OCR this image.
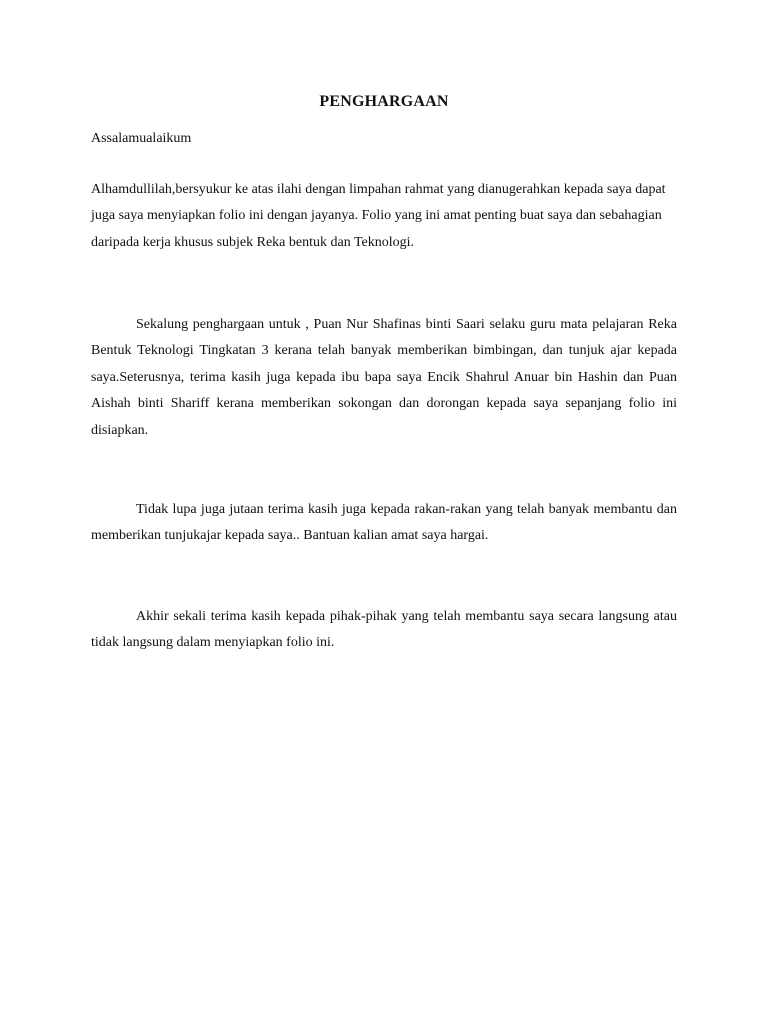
PENGHARGAAN
Assalamualaikum

Alhamdullilah,bersyukur ke atas ilahi dengan limpahan rahmat yang dianugerahkan kepada saya dapat juga saya menyiapkan folio ini dengan jayanya. Folio yang ini amat penting buat saya dan sebahagian daripada kerja khusus subjek Reka bentuk dan Teknologi.

Sekalung penghargaan untuk , Puan Nur Shafinas binti Saari selaku guru mata pelajaran Reka Bentuk Teknologi Tingkatan 3 kerana telah banyak memberikan bimbingan, dan tunjuk ajar kepada saya.Seterusnya, terima kasih juga kepada ibu bapa saya Encik Shahrul Anuar bin Hashin dan Puan Aishah binti Shariff kerana memberikan sokongan dan dorongan kepada saya sepanjang folio ini disiapkan.

Tidak lupa juga jutaan terima kasih juga kepada rakan-rakan yang telah banyak membantu dan memberikan tunjukajar kepada saya.. Bantuan kalian amat saya hargai.

Akhir sekali terima kasih kepada pihak-pihak yang telah membantu saya secara langsung atau tidak langsung dalam menyiapkan folio ini.
